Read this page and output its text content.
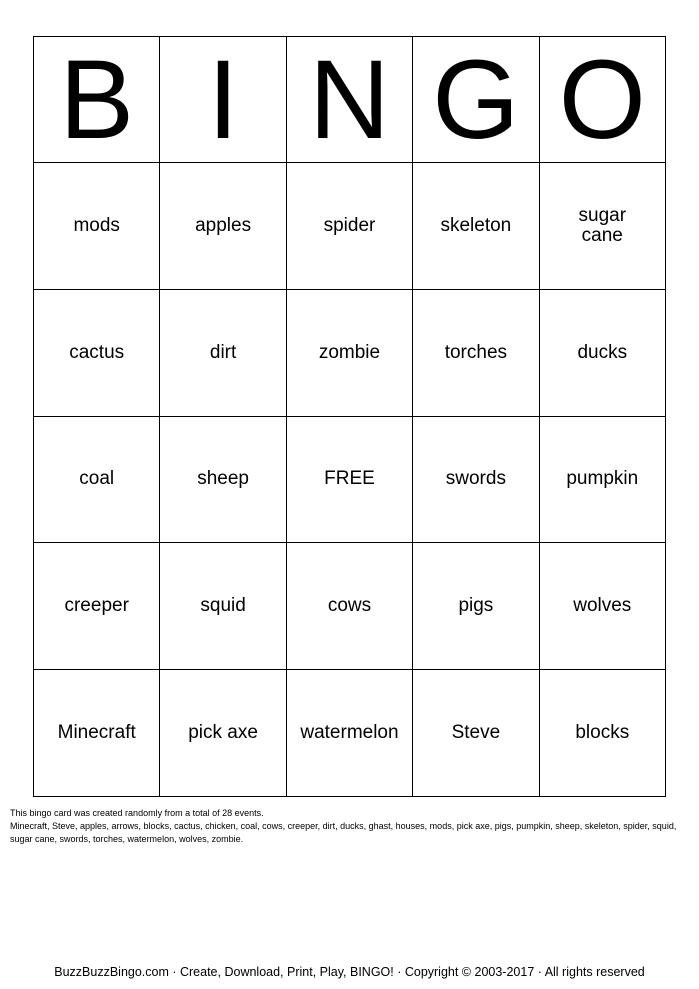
B	I	N	G	O
mods	apples	spider	skeleton	sugar cane
cactus	dirt	zombie	torches	ducks
coal	sheep	FREE	swords	pumpkin
creeper	squid	cows	pigs	wolves
Minecraft	pick axe	watermelon	Steve	blocks

This bingo card was created randomly from a total of 28 events.

Minecraft, Steve, apples, arrows, blocks, cactus, chicken, coal, cows, creeper, dirt, ducks, ghast, houses, mods, pick axe, pigs, pumpkin, sheep, skeleton, spider, squid, sugar cane, swords, torches, watermelon, wolves, zombie.

BuzzBuzzBingo.com · Create, Download, Print, Play, BINGO! · Copyright © 2003-2017 · All rights reserved
